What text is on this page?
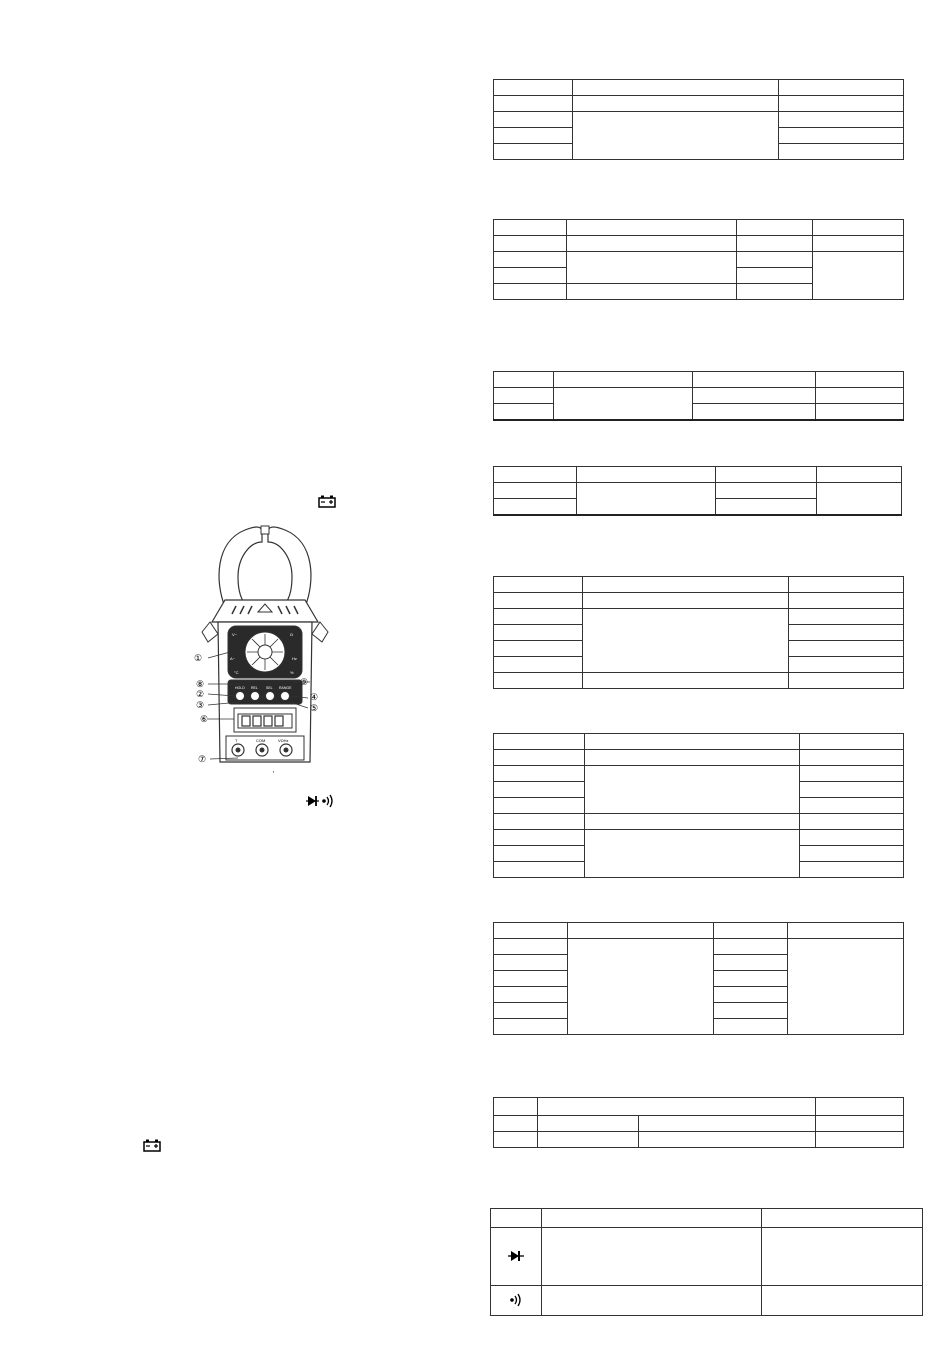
V~	Ω
A~	Hz
°C	%
HOLD REL SEL RANGE
T	COM	VΩHz
①
②
③
④
⑤
⑥
⑦
⑧	⑨
'
